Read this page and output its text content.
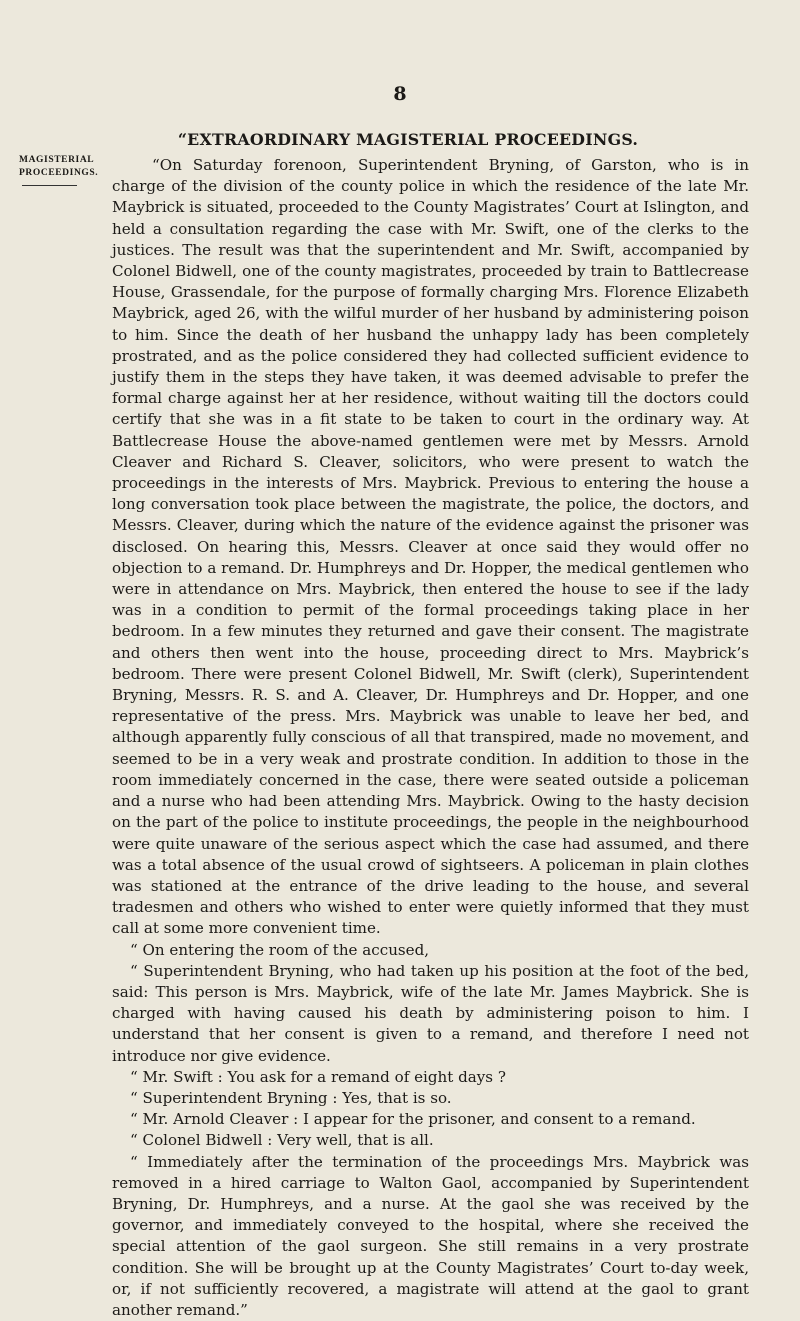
8
“EXTRAORDINARY MAGISTERIAL PROCEEDINGS.
MAGISTERIAL
PROCEEDINGS.	“On Saturday forenoon, Superintendent Bryning, of Garston, who is in charge of the division of the county police in which the residence of the late Mr. Maybrick is situated, proceeded to the County Magistrates’ Court at Islington, and held a consultation regarding the case with Mr. Swift, one of the clerks to the justices. The result was that the superintendent and Mr. Swift, accompanied by Colonel Bidwell, one of the county magistrates, proceeded by train to Battlecrease House, Grassendale, for the purpose of formally charging Mrs. Florence Elizabeth Maybrick, aged 26, with the wilful murder of her husband by administering poison to him. Since the death of her husband the unhappy lady has been completely prostrated, and as the police considered they had collected sufficient evidence to justify them in the steps they have taken, it was deemed advisable to prefer the formal charge against her at her residence, without waiting till the doctors could certify that she was in a fit state to be taken to court in the ordinary way. At Battlecrease House the above-named gentlemen were met by Messrs. Arnold Cleaver and Richard S. Cleaver, solicitors, who were present to watch the proceedings in the interests of Mrs. Maybrick. Previous to entering the house a long conversation took place between the magistrate, the police, the doctors, and Messrs. Cleaver, during which the nature of the evidence against the prisoner was disclosed. On hearing this, Messrs. Cleaver at once said they would offer no objection to a remand. Dr. Humphreys and Dr. Hopper, the medical gentlemen who were in attendance on Mrs. Maybrick, then entered the house to see if the lady was in a condition to permit of the formal proceedings taking place in her bedroom. In a few minutes they returned and gave their consent. The magistrate and others then went into the house, proceeding direct to Mrs. Maybrick’s bedroom. There were present Colonel Bidwell, Mr. Swift (clerk), Superintendent Bryning, Messrs. R. S. and A. Cleaver, Dr. Humphreys and Dr. Hopper, and one representative of the press. Mrs. Maybrick was unable to leave her bed, and although apparently fully conscious of all that transpired, made no movement, and seemed to be in a very weak and prostrate condition. In addition to those in the room immediately concerned in the case, there were seated outside a policeman and a nurse who had been attending Mrs. Maybrick. Owing to the hasty decision on the part of the police to institute proceedings, the people in the neighbourhood were quite unaware of the serious aspect which the case had assumed, and there was a total absence of the usual crowd of sightseers. A policeman in plain clothes was stationed at the entrance of the drive leading to the house, and several tradesmen and others who wished to enter were quietly informed that they must call at some more convenient time.

“ On entering the room of the accused,

“ Superintendent Bryning, who had taken up his position at the foot of the bed, said: This person is Mrs. Maybrick, wife of the late Mr. James Maybrick. She is charged with having caused his death by administering poison to him. I understand that her consent is given to a remand, and therefore I need not introduce nor give evidence.

“ Mr. Swift : You ask for a remand of eight days ?

“ Superintendent Bryning : Yes, that is so.

“ Mr. Arnold Cleaver : I appear for the prisoner, and consent to a remand.

“ Colonel Bidwell : Very well, that is all.

“ Immediately after the termination of the proceedings Mrs. Maybrick was removed in a hired carriage to Walton Gaol, accompanied by Superintendent Bryning, Dr. Humphreys, and a nurse. At the gaol she was received by the governor, and immediately conveyed to the hospital, where she received the special attention of the gaol surgeon. She still remains in a very prostrate condition. She will be brought up at the County Magistrates’ Court to-day week, or, if not sufficiently recovered, a magistrate will attend at the gaol to grant another remand.”
